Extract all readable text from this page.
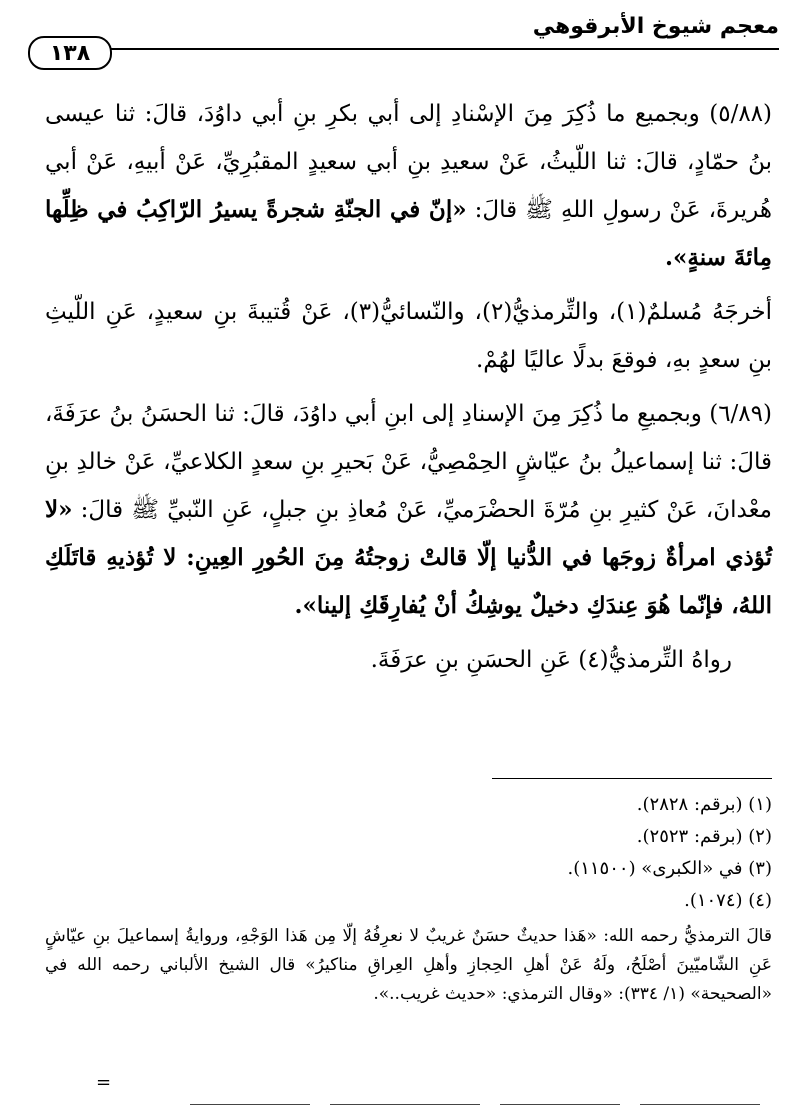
معجم شيوخ الأبرقوهي
١٣٨

(٥/٨٨) وبجميع ما ذُكِرَ مِنَ الإسْنادِ إلى أبي بكرِ بنِ أبي داوُدَ، قالَ: ثنا عيسى بنُ حمّادٍ، قالَ: ثنا اللّيثُ، عَنْ سعيدِ بنِ أبي سعيدٍ المقبُرِيِّ، عَنْ أبيهِ، عَنْ أبي هُريرةَ، عَنْ رسولِ اللهِ ﷺ قالَ: «إنّ في الجنّةِ شجرةً يسيرُ الرّاكِبُ في ظِلِّها مِائةَ سنةٍ».

أخرجَهُ مُسلمٌ(١)، والتِّرمذيُّ(٢)، والنّسائيُّ(٣)، عَنْ قُتيبةَ بنِ سعيدٍ، عَنِ اللّيثِ بنِ سعدٍ بهِ، فوقعَ بدلًا عاليًا لهُمْ.

(٦/٨٩) وبجميعِ ما ذُكِرَ مِنَ الإسنادِ إلى ابنِ أبي داوُدَ، قالَ: ثنا الحسَنُ بنُ عرَفَةَ، قالَ: ثنا إسماعيلُ بنُ عيّاشٍ الحِمْصِيُّ، عَنْ بَحيرِ بنِ سعدٍ الكلاعيِّ، عَنْ خالدِ بنِ معْدانَ، عَنْ كثيرِ بنِ مُرّةَ الحضْرَميِّ، عَنْ مُعاذِ بنِ جبلٍ، عَنِ النّبيِّ ﷺ قالَ: «لا تُؤذي امرأةٌ زوجَها في الدُّنيا إلّا قالتْ زوجتُهُ مِنَ الحُورِ العِينِ: لا تُؤذيهِ قاتَلَكِ اللهُ، فإنّما هُوَ عِندَكِ دخيلٌ يوشِكُ أنْ يُفارِقَكِ إلينا».

رواهُ التِّرمذيُّ(٤) عَنِ الحسَنِ بنِ عرَفَةَ.

(١) (برقم: ٢٨٢٨).
(٢) (برقم: ٢٥٢٣).
(٣) في «الكبرى» (١١٥٠٠).
(٤) (١٠٧٤).
قالَ الترمذيُّ رحمه الله: «هَذا حديثٌ حسَنٌ غريبٌ لا نعرِفُهُ إلّا مِن هَذا الوَجْهِ، وروايةُ إسماعيلَ بنِ عيّاشٍ عَنِ الشّاميّينَ أصْلَحُ، ولَهُ عَنْ أهلِ الحِجازِ وأهلِ العِراقِ مناكيرُ» قال الشيخ الألباني رحمه الله في «الصحيحة» (١/ ٣٣٤): «وقال الترمذي: «حديث غريب..».
=
